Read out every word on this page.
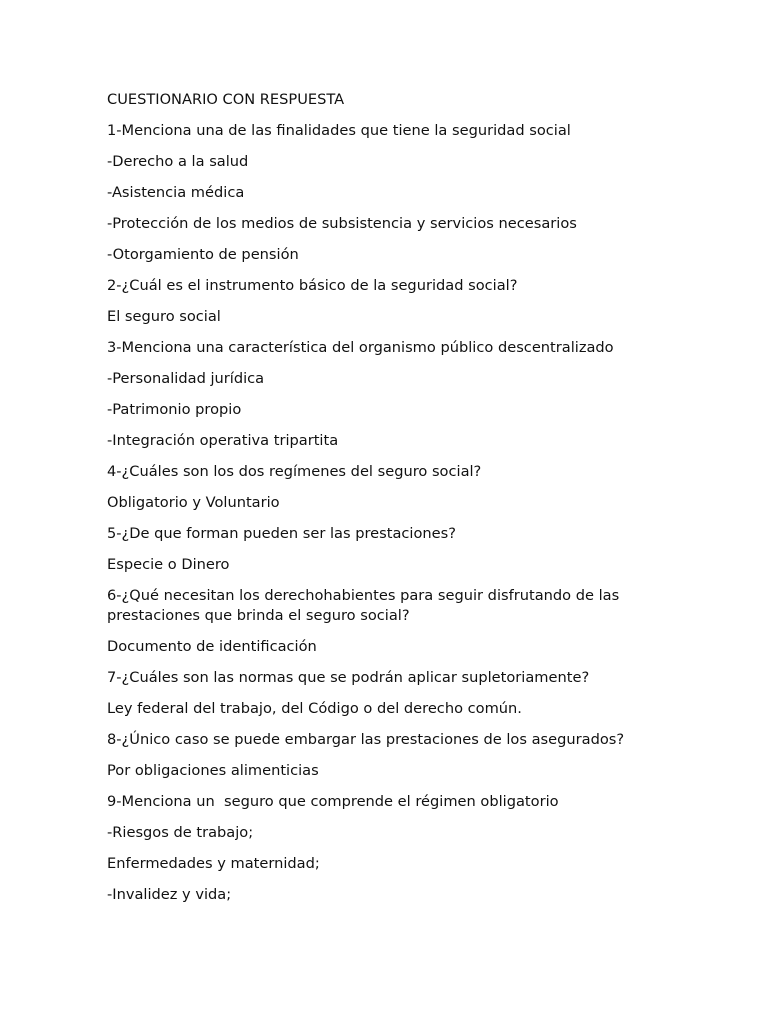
CUESTIONARIO CON RESPUESTA
1-Menciona una de las finalidades que tiene la seguridad social
-Derecho a la salud
-Asistencia médica
-Protección de los medios de subsistencia y servicios necesarios
-Otorgamiento de pensión
2-¿Cuál es el instrumento básico de la seguridad social?
El seguro social
3-Menciona una característica del organismo público descentralizado
-Personalidad jurídica
-Patrimonio propio
-Integración operativa tripartita
4-¿Cuáles son los dos regímenes del seguro social?
Obligatorio y Voluntario
5-¿De que forman pueden ser las prestaciones?
Especie o Dinero
6-¿Qué necesitan los derechohabientes para seguir disfrutando de las prestaciones que brinda el seguro social?
Documento de identificación
7-¿Cuáles son las normas que se podrán aplicar supletoriamente?
Ley federal del trabajo, del Código o del derecho común.
8-¿Único caso se puede embargar las prestaciones de los asegurados?
Por obligaciones alimenticias
9-Menciona un  seguro que comprende el régimen obligatorio
-Riesgos de trabajo;
Enfermedades y maternidad;
-Invalidez y vida;
